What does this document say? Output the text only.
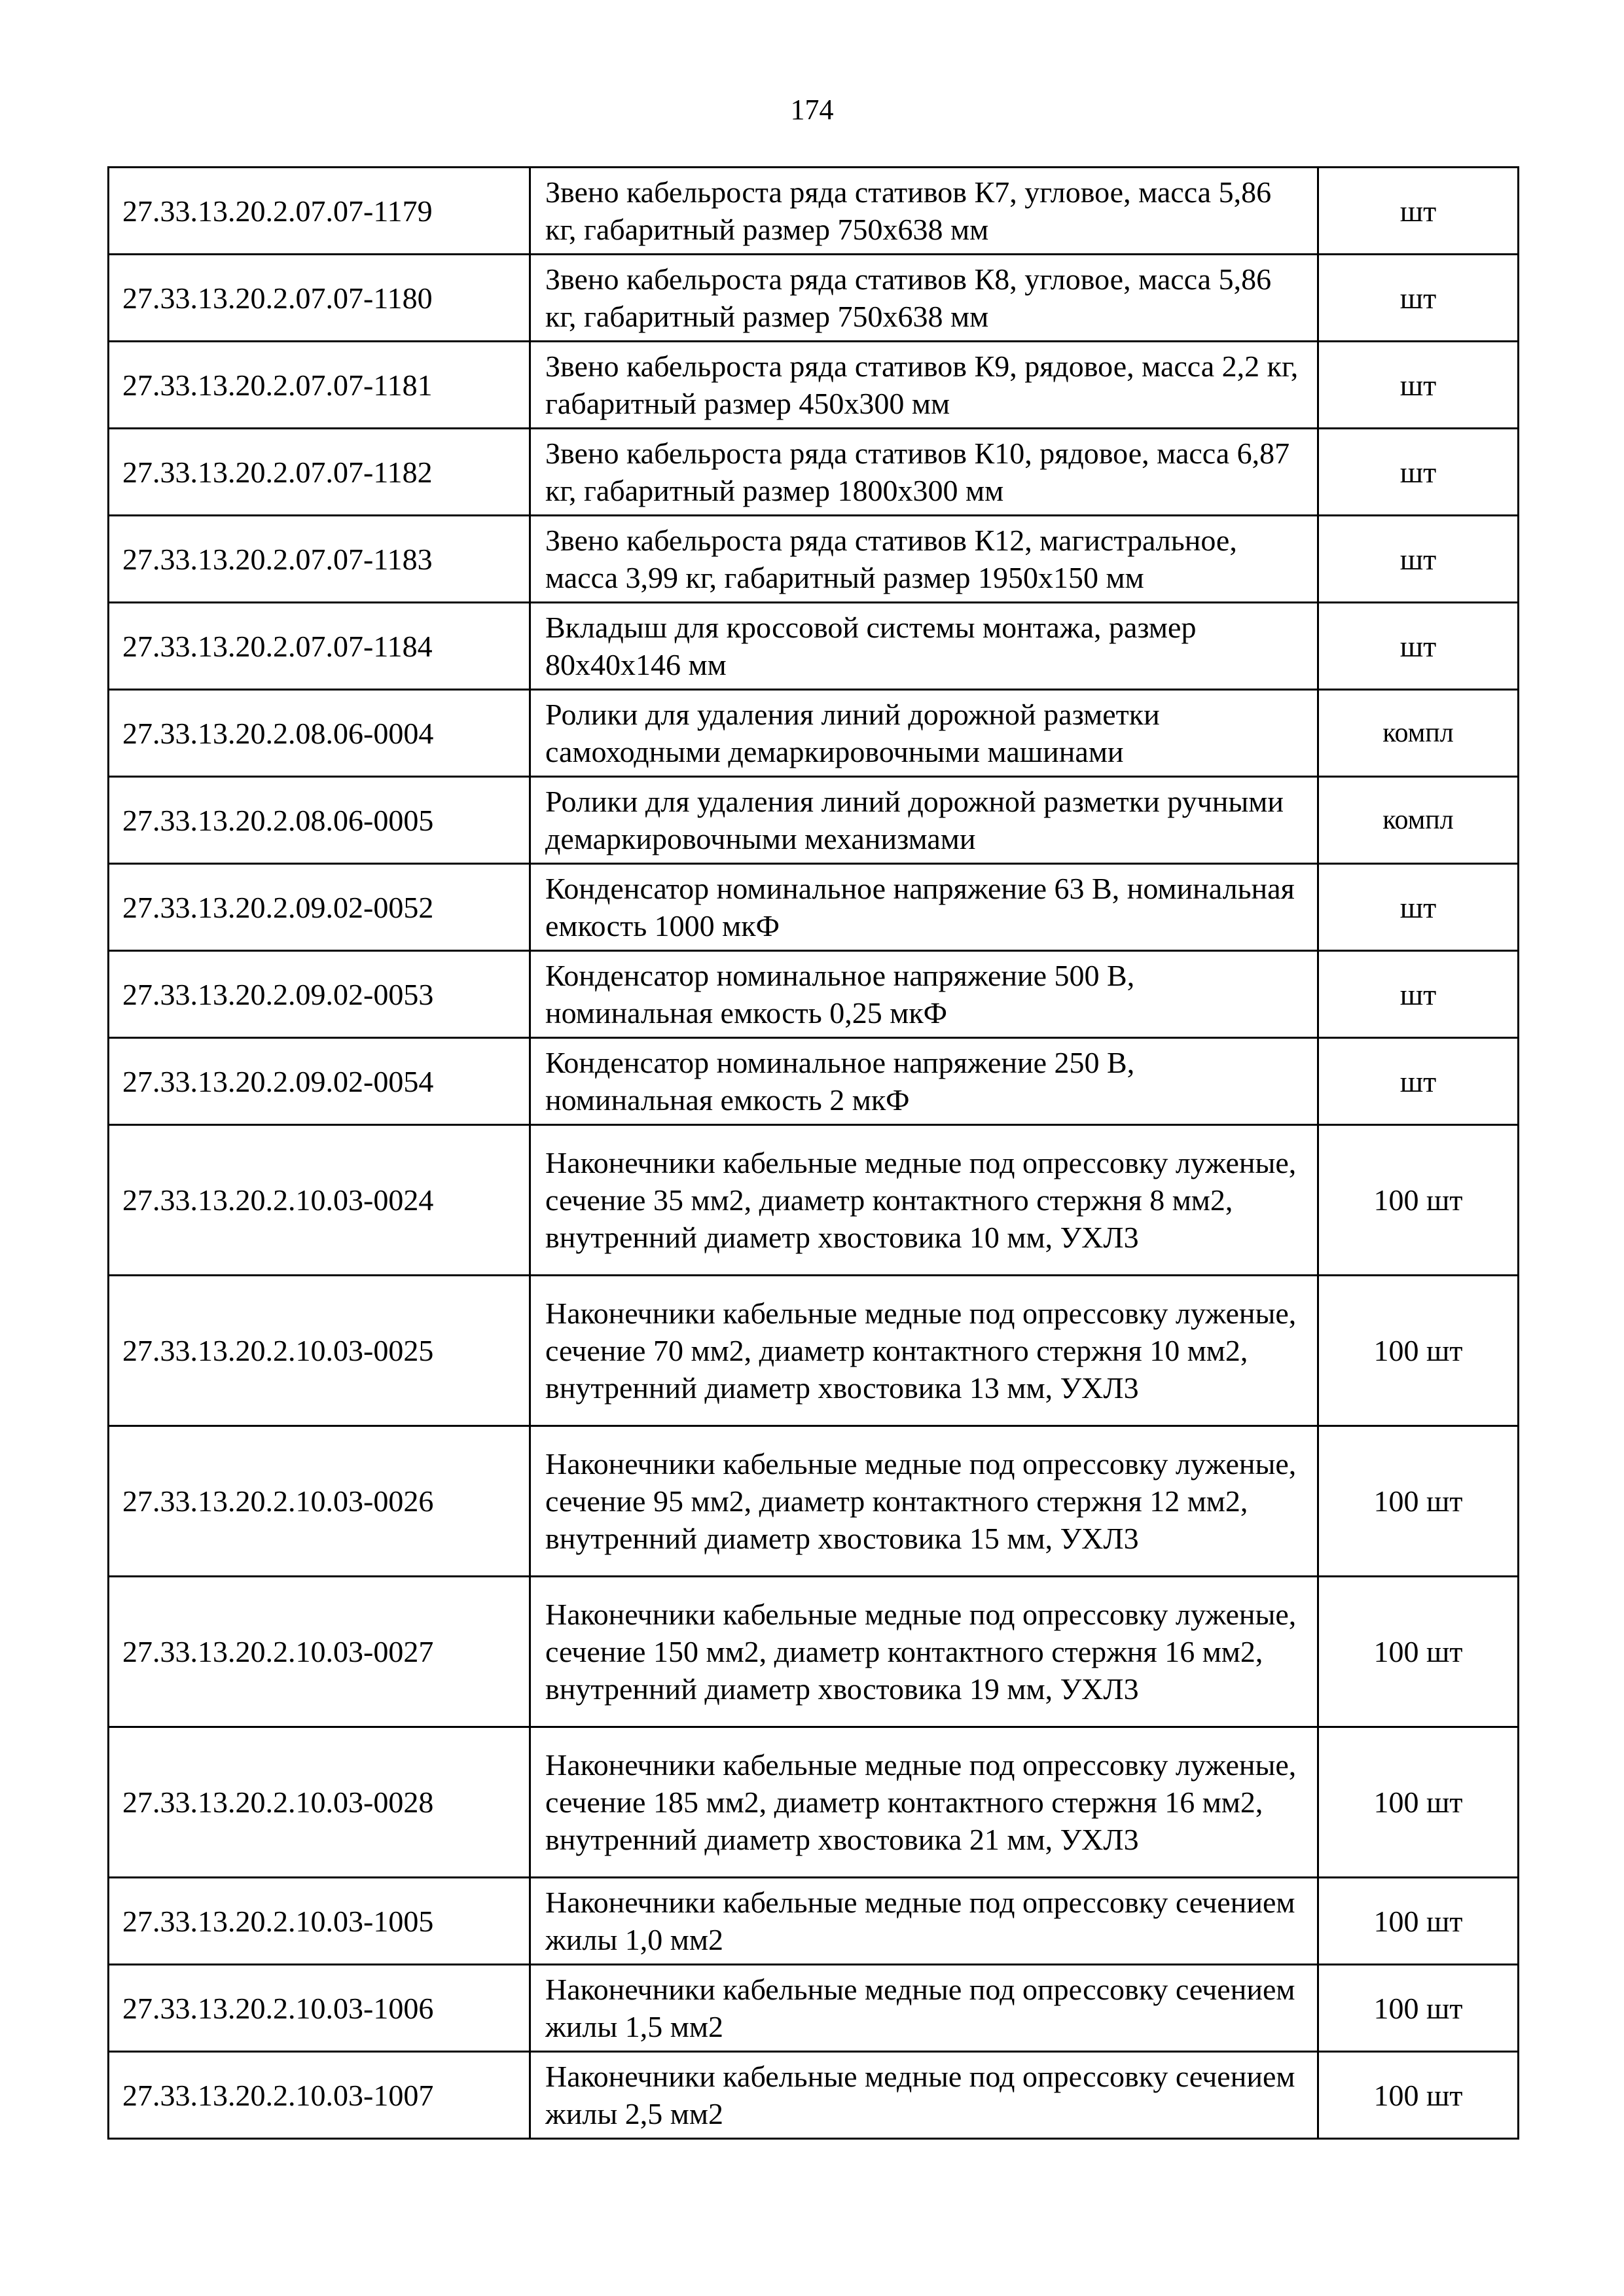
174
27.33.13.20.2.07.07-1179	Звено кабельроста ряда стативов К7, угловое, масса 5,86 кг, габаритный размер 750х638 мм	шт
27.33.13.20.2.07.07-1180	Звено кабельроста ряда стативов К8, угловое, масса 5,86 кг, габаритный размер 750х638 мм	шт
27.33.13.20.2.07.07-1181	Звено кабельроста ряда стативов К9, рядовое, масса 2,2 кг, габаритный размер 450х300 мм	шт
27.33.13.20.2.07.07-1182	Звено кабельроста ряда стативов К10, рядовое, масса 6,87 кг, габаритный размер 1800х300 мм	шт
27.33.13.20.2.07.07-1183	Звено кабельроста ряда стативов К12, магистральное, масса 3,99 кг, габаритный размер 1950х150 мм	шт
27.33.13.20.2.07.07-1184	Вкладыш для кроссовой системы монтажа, размер 80х40х146 мм	шт
27.33.13.20.2.08.06-0004	Ролики для удаления линий дорожной разметки самоходными демаркировочными машинами	компл
27.33.13.20.2.08.06-0005	Ролики для удаления линий дорожной разметки ручными демаркировочными механизмами	компл
27.33.13.20.2.09.02-0052	Конденсатор номинальное напряжение 63 В, номинальная емкость 1000 мкФ	шт
27.33.13.20.2.09.02-0053	Конденсатор номинальное напряжение 500 В, номинальная емкость 0,25 мкФ	шт
27.33.13.20.2.09.02-0054	Конденсатор номинальное напряжение 250 В, номинальная емкость 2 мкФ	шт
27.33.13.20.2.10.03-0024	Наконечники кабельные медные под опрессовку луженые, сечение 35 мм2, диаметр контактного стержня 8 мм2, внутренний диаметр хвостовика 10 мм, УХЛ3	100 шт
27.33.13.20.2.10.03-0025	Наконечники кабельные медные под опрессовку луженые, сечение 70 мм2, диаметр контактного стержня 10 мм2, внутренний диаметр хвостовика 13 мм, УХЛ3	100 шт
27.33.13.20.2.10.03-0026	Наконечники кабельные медные под опрессовку луженые, сечение 95 мм2, диаметр контактного стержня 12 мм2, внутренний диаметр хвостовика 15 мм, УХЛ3	100 шт
27.33.13.20.2.10.03-0027	Наконечники кабельные медные под опрессовку луженые, сечение 150 мм2, диаметр контактного стержня 16 мм2, внутренний диаметр хвостовика 19 мм, УХЛ3	100 шт
27.33.13.20.2.10.03-0028	Наконечники кабельные медные под опрессовку луженые, сечение 185 мм2, диаметр контактного стержня 16 мм2, внутренний диаметр хвостовика 21 мм, УХЛ3	100 шт
27.33.13.20.2.10.03-1005	Наконечники кабельные медные под опрессовку сечением жилы 1,0 мм2	100 шт
27.33.13.20.2.10.03-1006	Наконечники кабельные медные под опрессовку сечением жилы 1,5 мм2	100 шт
27.33.13.20.2.10.03-1007	Наконечники кабельные медные под опрессовку сечением жилы 2,5 мм2	100 шт
